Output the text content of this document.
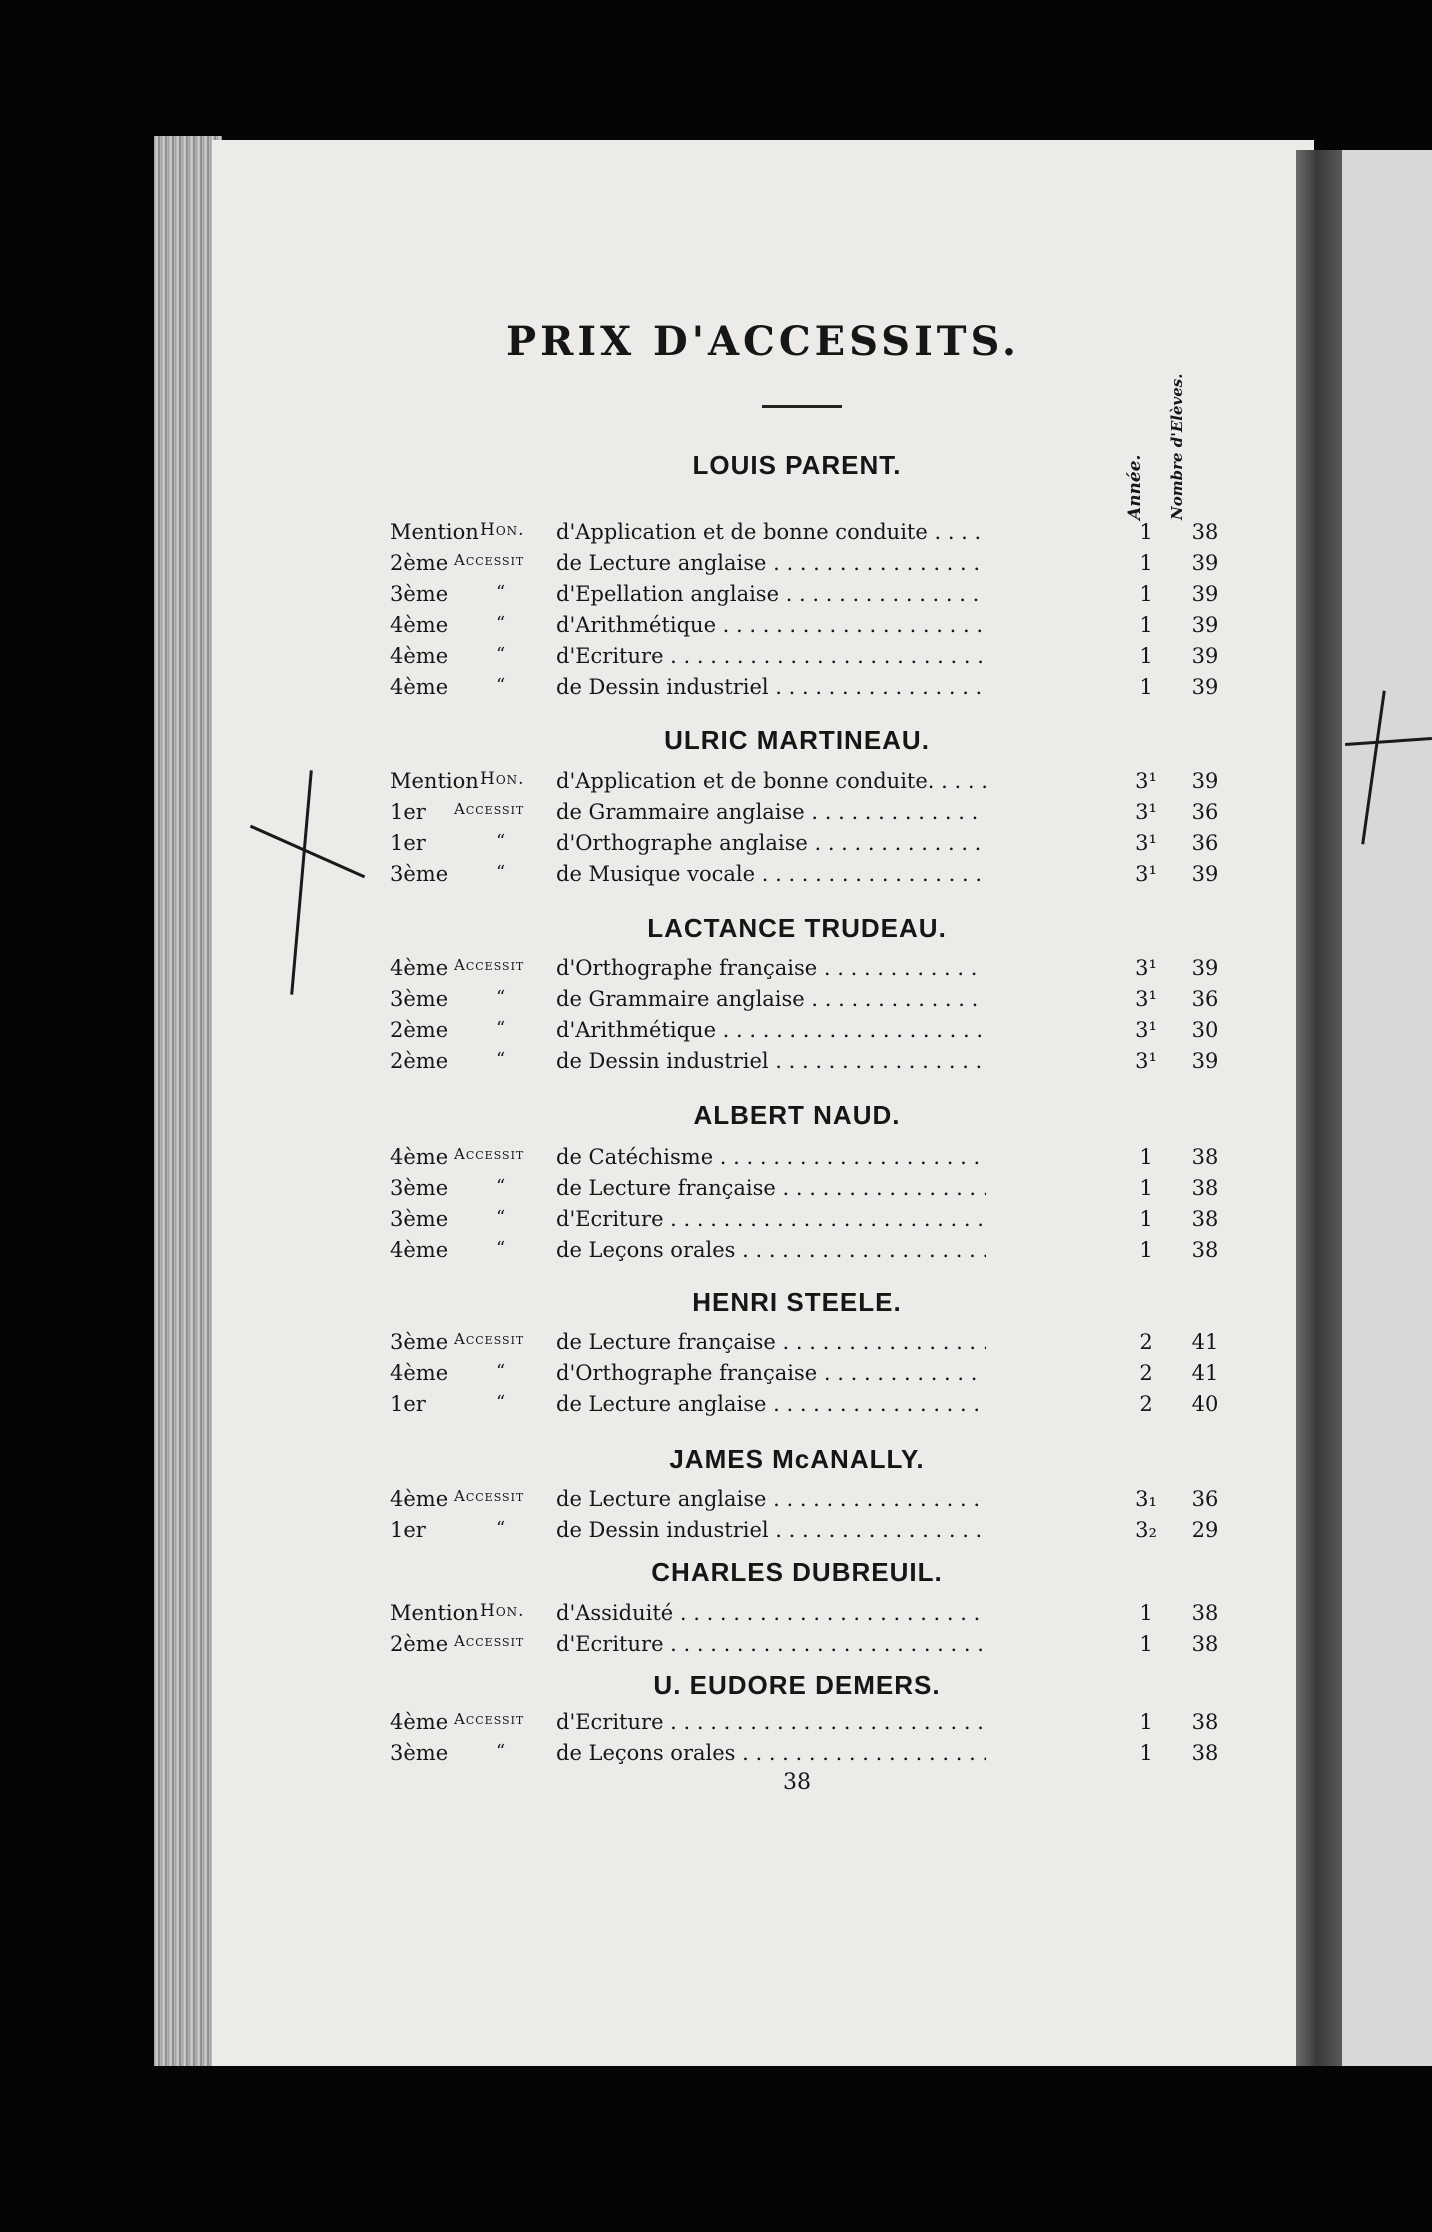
PRIX D'ACCESSITS.
Année. Nombre d'Elèves.
LOUIS PARENT.
Mention Hon. d'Application et de bonne conduite . . .	1	38
2ème Accessit de Lecture anglaise . . .	1	39
3ème	“ d'Epellation anglaise . . .	1	39
4ème	“ d'Arithmétique . . .	1	39
4ème	“ d'Ecriture . . .	1	39
4ème	“ de Dessin industriel . . .	1	39
ULRIC MARTINEAU.
Mention Hon. d'Application et de bonne conduite. . . .	3¹	39
1er Accessit de Grammaire anglaise . . .	3¹	36
1er	“ d'Orthographe anglaise . . .	3¹	36
3ème	“ de Musique vocale . . .	3¹	39
LACTANCE TRUDEAU.
4ème Accessit d'Orthographe française . . .	3¹	39
3ème	“ de Grammaire anglaise . . .	3¹	36
2ème	“ d'Arithmétique . . .	3¹	30
2ème	“ de Dessin industriel . . .	3¹	39
ALBERT NAUD.
4ème Accessit de Catéchisme . . .	1	38
3ème	“ de Lecture française . . .	1	38
3ème	“ d'Ecriture . . .	1	38
4ème	“ de Leçons orales . . .	1	38
HENRI STEELE.
3ème Accessit de Lecture française . . .	2	41
4ème	“ d'Orthographe française . . .	2	41
1er	“ de Lecture anglaise . . .	2	40
JAMES McANALLY.
4ème Accessit de Lecture anglaise . . .	3₁	36
1er	“ de Dessin industriel . . .	3₂	29
CHARLES DUBREUIL.
Mention Hon. d'Assiduité . . .	1	38
2ème Accessit d'Ecriture . . .	1	38
U. EUDORE DEMERS.
4ème Accessit d'Ecriture . . .	1	38
3ème	“ de Leçons orales . . .	1	38
38
